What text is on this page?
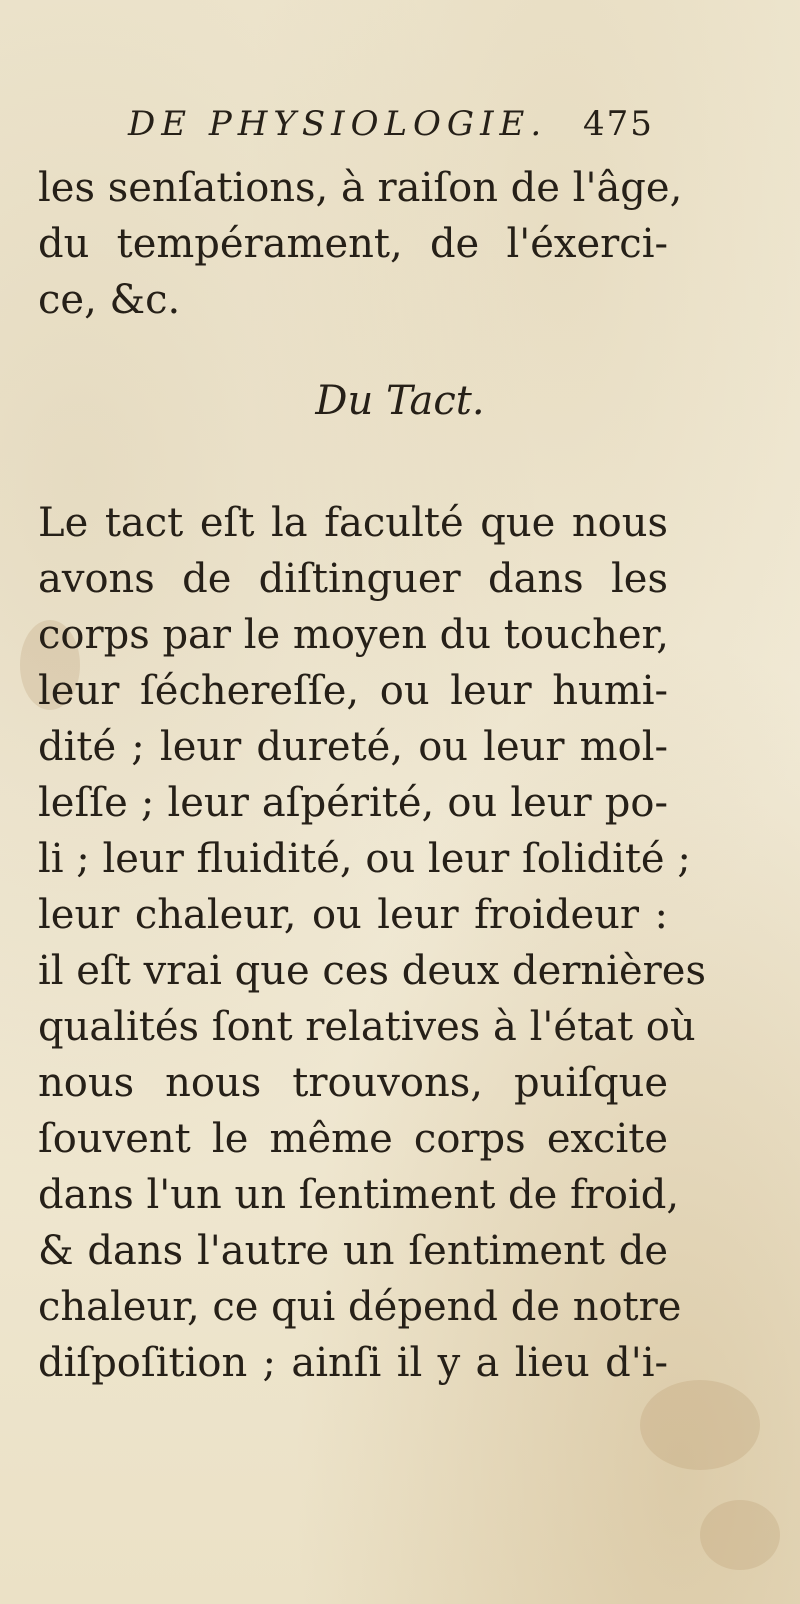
DE PHYSIOLOGIE. 475
les senſations, à raiſon de l'âge,
du tempérament, de l'éxerci-
ce, &c.
Du Tact.
Le tact eſt la faculté que nous
avons de diſtinguer dans les
corps par le moyen du toucher,
leur ſéchereſſe, ou leur humi-
dité ; leur dureté, ou leur mol-
leſſe ; leur aſpérité, ou leur po-
li ; leur fluidité, ou leur ſolidité ;
leur chaleur, ou leur froideur :
il eſt vrai que ces deux dernières
qualités ſont relatives à l'état où
nous nous trouvons, puiſque
ſouvent le même corps excite
dans l'un un ſentiment de froid,
& dans l'autre un ſentiment de
chaleur, ce qui dépend de notre
diſpoſition ; ainſi il y a lieu d'i-
